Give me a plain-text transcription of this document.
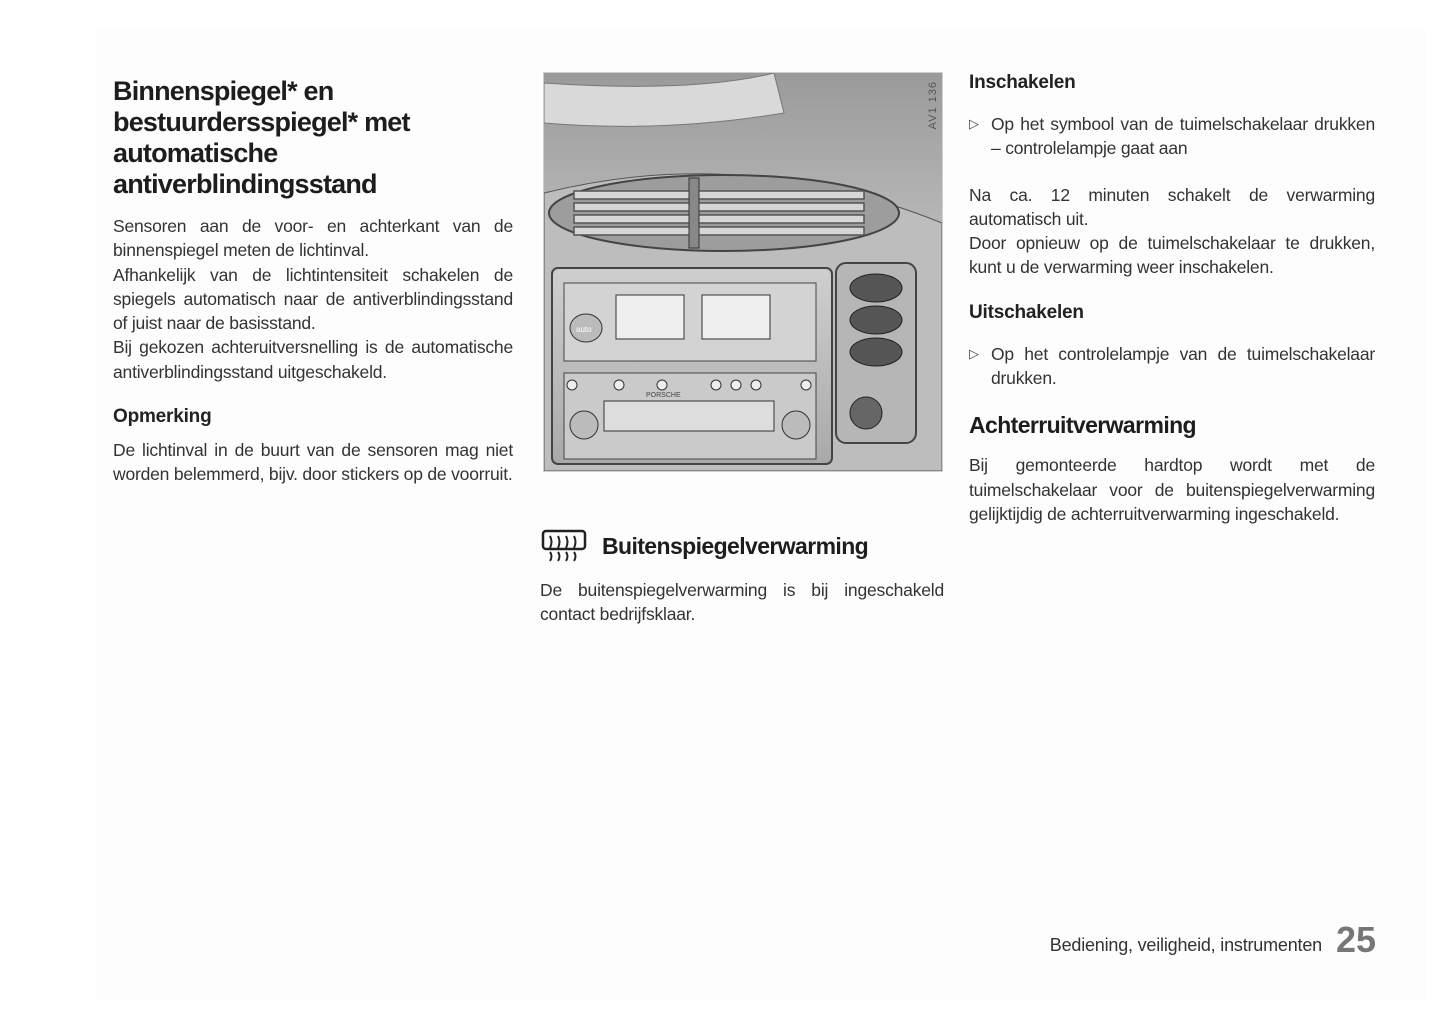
Binnenspiegel* en
bestuurdersspiegel* met
automatische
antiverblindingsstand

Sensoren aan de voor- en achterkant van de binnenspiegel meten de lichtinval.

Afhankelijk van de lichtintensiteit schakelen de spiegels automatisch naar de antiverblindingsstand of juist naar de basisstand.

Bij gekozen achteruitversnelling is de automatische antiverblindingsstand uitgeschakeld.

Opmerking

De lichtinval in de buurt van de sensoren mag niet worden belemmerd, bijv. door stickers op de voorruit.

auto
PORSCHE
AV1 136
Buitenspiegelverwarming

De buitenspiegelverwarming is bij ingeschakeld contact bedrijfsklaar.

Inschakelen
▷ Op het symbool van de tuimelschakelaar drukken – controlelampje gaat aan

Na ca. 12 minuten schakelt de verwarming automatisch uit.

Door opnieuw op de tuimelschakelaar te drukken, kunt u de verwarming weer inschakelen.

Uitschakelen
▷ Op het controlelampje van de tuimelschakelaar drukken.

Achterruitverwarming

Bij gemonteerde hardtop wordt met de tuimelschakelaar voor de buitenspiegelverwarming gelijktijdig de achterruitverwarming ingeschakeld.

Bediening, veiligheid, instrumenten 25
